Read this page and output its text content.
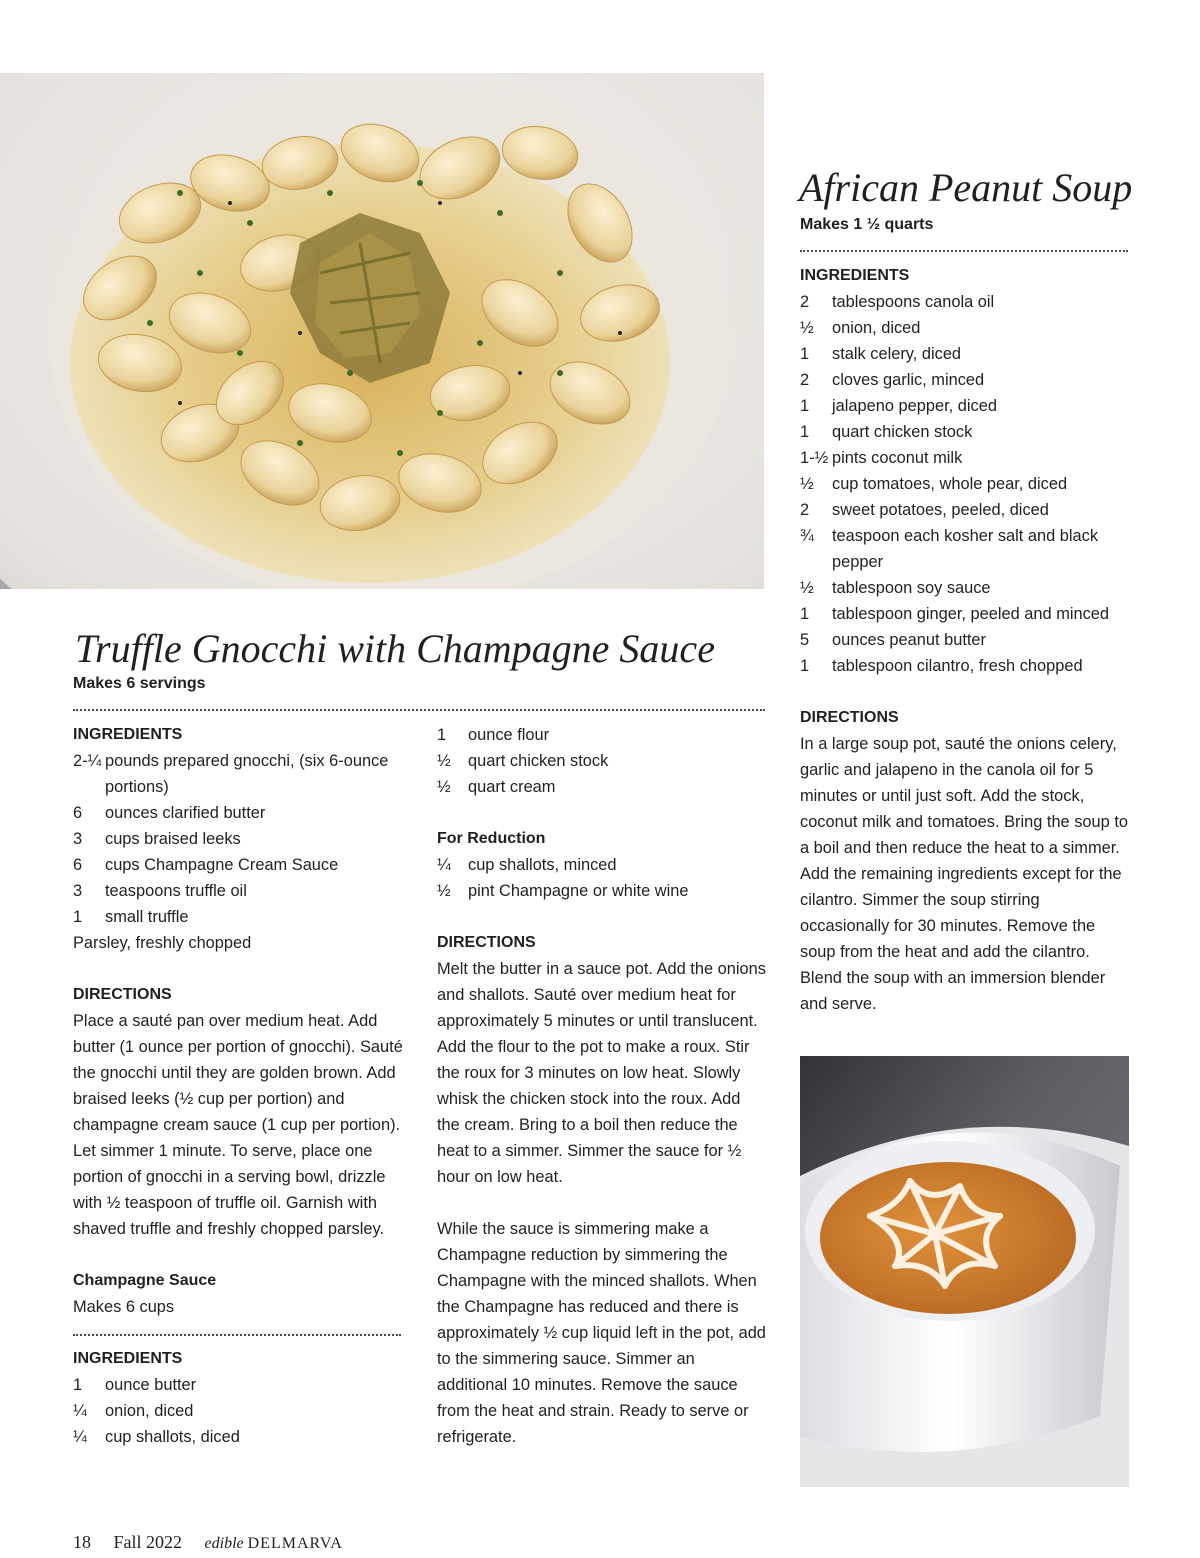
Truffle Gnocchi with Champagne Sauce
Makes 6 servings
INGREDIENTS
2-¼ pounds prepared gnocchi, (six 6-ounce portions)
6	ounces clarified butter
3	cups braised leeks
6	cups Champagne Cream Sauce
3	teaspoons truffle oil
1	small truffle
Parsley, freshly chopped
DIRECTIONS
Place a sauté pan over medium heat. Add butter (1 ounce per portion of gnocchi). Sauté the gnocchi until they are golden brown. Add braised leeks (½ cup per portion) and champagne cream sauce (1 cup per portion). Let simmer 1 minute. To serve, place one portion of gnocchi in a serving bowl, drizzle with ½ teaspoon of truffle oil. Garnish with shaved truffle and freshly chopped parsley.
Champagne Sauce
Makes 6 cups
INGREDIENTS
1	ounce butter
¼	onion, diced
¼	cup shallots, diced
1	ounce flour
½	quart chicken stock
½	quart cream
For Reduction
¼	cup shallots, minced
½	pint Champagne or white wine
DIRECTIONS
Melt the butter in a sauce pot. Add the onions and shallots. Sauté over medium heat for approximately 5 minutes or until translucent. Add the flour to the pot to make a roux. Stir the roux for 3 minutes on low heat. Slowly whisk the chicken stock into the roux. Add the cream. Bring to a boil then reduce the heat to a simmer. Simmer the sauce for ½ hour on low heat.
While the sauce is simmering make a Champagne reduction by simmering the Champagne with the minced shallots. When the Champagne has reduced and there is approximately ½ cup liquid left in the pot, add to the simmering sauce. Simmer an additional 10 minutes. Remove the sauce from the heat and strain. Ready to serve or refrigerate.
African Peanut Soup
Makes 1 ½ quarts
INGREDIENTS
2	tablespoons canola oil
½	onion, diced
1	stalk celery, diced
2	cloves garlic, minced
1	jalapeno pepper, diced
1	quart chicken stock
1-½ pints coconut milk
½	cup tomatoes, whole pear, diced
2	sweet potatoes, peeled, diced
¾	teaspoon each kosher salt and black pepper
½	tablespoon soy sauce
1	tablespoon ginger, peeled and minced
5	ounces peanut butter
1	tablespoon cilantro, fresh chopped
DIRECTIONS
In a large soup pot, sauté the onions celery, garlic and jalapeno in the canola oil for 5 minutes or until just soft. Add the stock, coconut milk and tomatoes. Bring the soup to a boil and then reduce the heat to a simmer. Add the remaining ingredients except for the cilantro. Simmer the soup stirring occasionally for 30 minutes. Remove the soup from the heat and add the cilantro. Blend the soup with an immersion blender and serve.
18 Fall 2022 edible DELMARVA
